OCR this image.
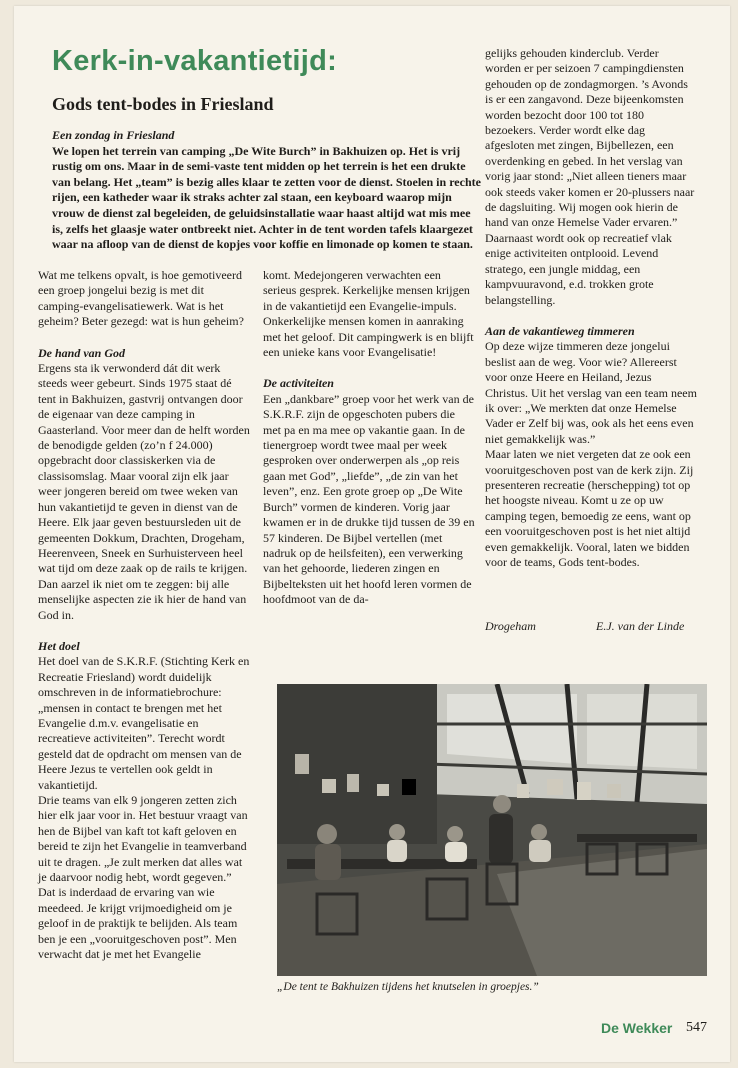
Kerk-in-vakantietijd:
Gods tent-bodes in Friesland
Een zondag in Friesland
We lopen het terrein van camping „De Wite Burch” in Bakhuizen op. Het is vrij rustig om ons. Maar in de semi-vaste tent midden op het terrein is het een drukte van belang. Het „team” is bezig alles klaar te zetten voor de dienst. Stoelen in rechte rijen, een katheder waar ik straks achter zal staan, een keyboard waarop mijn vrouw de dienst zal begeleiden, de geluidsinstallatie waar haast altijd wat mis mee is, zelfs het glaasje water ontbreekt niet. Achter in de tent worden tafels klaargezet waar na afloop van de dienst de kopjes voor koffie en limonade op komen te staan.

Wat me telkens opvalt, is hoe gemotiveerd een groep jongelui bezig is met dit camping-evangelisatiewerk. Wat is het geheim? Beter gezegd: wat is hun geheim?

De hand van God

Ergens sta ik verwonderd dát dit werk steeds weer gebeurt. Sinds 1975 staat dé tent in Bakhuizen, gastvrij ontvangen door de eigenaar van deze camping in Gaasterland. Voor meer dan de helft worden de benodigde gelden (zo’n f 24.000) opgebracht door classiskerken via de classisomslag. Maar vooral zijn elk jaar weer jongeren bereid om twee weken van hun vakantietijd te geven in dienst van de Heere. Elk jaar geven bestuursleden uit de gemeenten Dokkum, Drachten, Drogeham, Heerenveen, Sneek en Surhuisterveen heel wat tijd om deze zaak op de rails te krijgen. Dan aarzel ik niet om te zeggen: bij alle menselijke aspecten zie ik hier de hand van God in.

Het doel

Het doel van de S.K.R.F. (Stichting Kerk en Recreatie Friesland) wordt duidelijk omschreven in de informatiebrochure: „mensen in contact te brengen met het Evangelie d.m.v. evangelisatie en recreatieve activiteiten”. Terecht wordt gesteld dat de opdracht om mensen van de Heere Jezus te vertellen ook geldt in vakantietijd.

Drie teams van elk 9 jongeren zetten zich hier elk jaar voor in. Het bestuur vraagt van hen de Bijbel van kaft tot kaft geloven en bereid te zijn het Evangelie in teamverband uit te dragen. „Je zult merken dat alles wat je daarvoor nodig hebt, wordt gegeven.” Dat is inderdaad de ervaring van wie meedeed. Je krijgt vrijmoedigheid om je geloof in de praktijk te belijden. Als team ben je een „vooruitgeschoven post”. Men verwacht dat je met het Evangelie

komt. Medejongeren verwachten een serieus gesprek. Kerkelijke mensen krijgen in de vakantietijd een Evangelie-impuls. Onkerkelijke mensen komen in aanraking met het geloof. Dit campingwerk is en blijft een unieke kans voor Evangelisatie!

De activiteiten

Een „dankbare” groep voor het werk van de S.K.R.F. zijn de opgeschoten pubers die met pa en ma mee op vakantie gaan. In de tienergroep wordt twee maal per week gesproken over onderwerpen als „op reis gaan met God”, „liefde”, „de zin van het leven”, enz. Een grote groep op „De Wite Burch” vormen de kinderen. Vorig jaar kwamen er in de drukke tijd tussen de 39 en 57 kinderen. De Bijbel vertellen (met nadruk op de heilsfeiten), een verwerking van het gehoorde, liederen zingen en Bijbelteksten uit het hoofd leren vormen de hoofdmoot van de da-

gelijks gehouden kinderclub. Verder worden er per seizoen 7 campingdiensten gehouden op de zondagmorgen. ’s Avonds is er een zangavond. Deze bijeenkomsten worden bezocht door 100 tot 180 bezoekers. Verder wordt elke dag afgesloten met zingen, Bijbellezen, een overdenking en gebed. In het verslag van vorig jaar stond: „Niet alleen tieners maar ook steeds vaker komen er 20-plussers naar de dagsluiting. Wij mogen ook hierin de hand van onze Hemelse Vader ervaren.”

Daarnaast wordt ook op recreatief vlak enige activiteiten ontplooid. Levend stratego, een jungle middag, een kampvuuravond, e.d. trokken grote belangstelling.

Aan de vakantieweg timmeren

Op deze wijze timmeren deze jongelui beslist aan de weg. Voor wie? Allereerst voor onze Heere en Heiland, Jezus Christus. Uit het verslag van een team neem ik over: „We merkten dat onze Hemelse Vader er Zelf bij was, ook als het eens even niet gemakkelijk was.”

Maar laten we niet vergeten dat ze ook een vooruitgeschoven post van de kerk zijn. Zij presenteren recreatie (herschepping) tot op het hoogste niveau. Komt u ze op uw camping tegen, bemoedig ze eens, want op een vooruitgeschoven post is het niet altijd even gemakkelijk. Vooral, laten we bidden voor de teams, Gods tent-bodes.

Drogeham	E.J. van der Linde
„De tent te Bakhuizen tijdens het knutselen in groepjes.”
De Wekker 547
